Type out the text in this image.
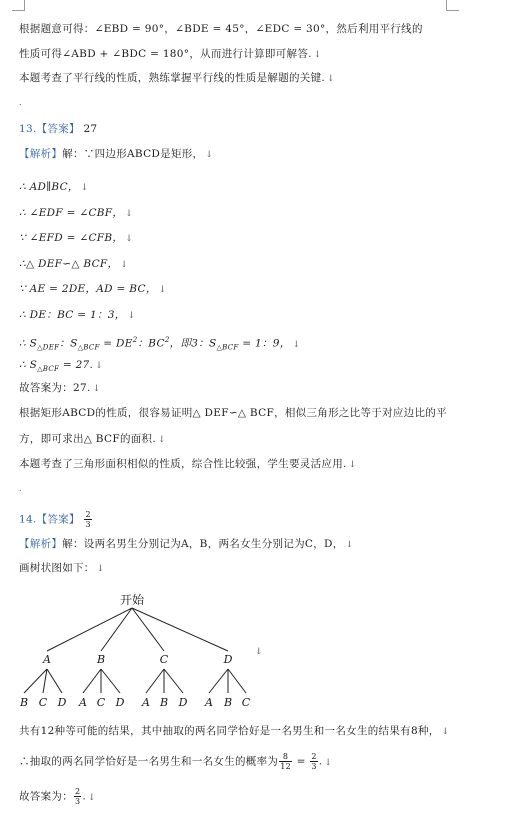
根据题意可得：∠EBD = 90°，∠BDE = 45°，∠EDC = 30°，然后利用平行线的
性质可得∠ABD + ∠BDC = 180°，从而进行计算即可解答. ↓
本题考查了平行线的性质，熟练掌握平行线的性质是解题的关键. ↓
.
13.【答案】 27
【解析】解：∵四边形ABCD是矩形， ↓
∴ AD∥BC， ↓
∴ ∠EDF = ∠CBF， ↓
∵ ∠EFD = ∠CFB， ↓
∴△ DEF∽△ BCF， ↓
∵ AE = 2DE，AD = BC， ↓
∴ DE：BC = 1：3， ↓
∴ $S_{\triangle DEF}$：$S_{\triangle BCF} = DE^2$：$BC^2$，即3：$S_{\triangle BCF} = 1$：9， ↓
∴ $S_{\triangle BCF} = 27$. ↓
故答案为：27. ↓
根据矩形ABCD的性质，很容易证明△ DEF∽△ BCF，相似三角形之比等于对应边比的平
方，即可求出△ BCF的面积. ↓
本题考查了三角形面积相似的性质，综合性比较强，学生要灵活应用. ↓
.
14.【答案】 $\frac{2}{3}$
【解析】解：设两名男生分别记为A，B，两名女生分别记为C，D， ↓
画树状图如下： ↓
开始
A	B	C	D
B C D A C D A B D A B C
↓
共有12种等可能的结果，其中抽取的两名同学恰好是一名男生和一名女生的结果有8种， ↓
∴抽取的两名同学恰好是一名男生和一名女生的概率为 $\frac{8}{12} = \frac{2}{3}$ . ↓
故答案为： $\frac{2}{3}$ . ↓
